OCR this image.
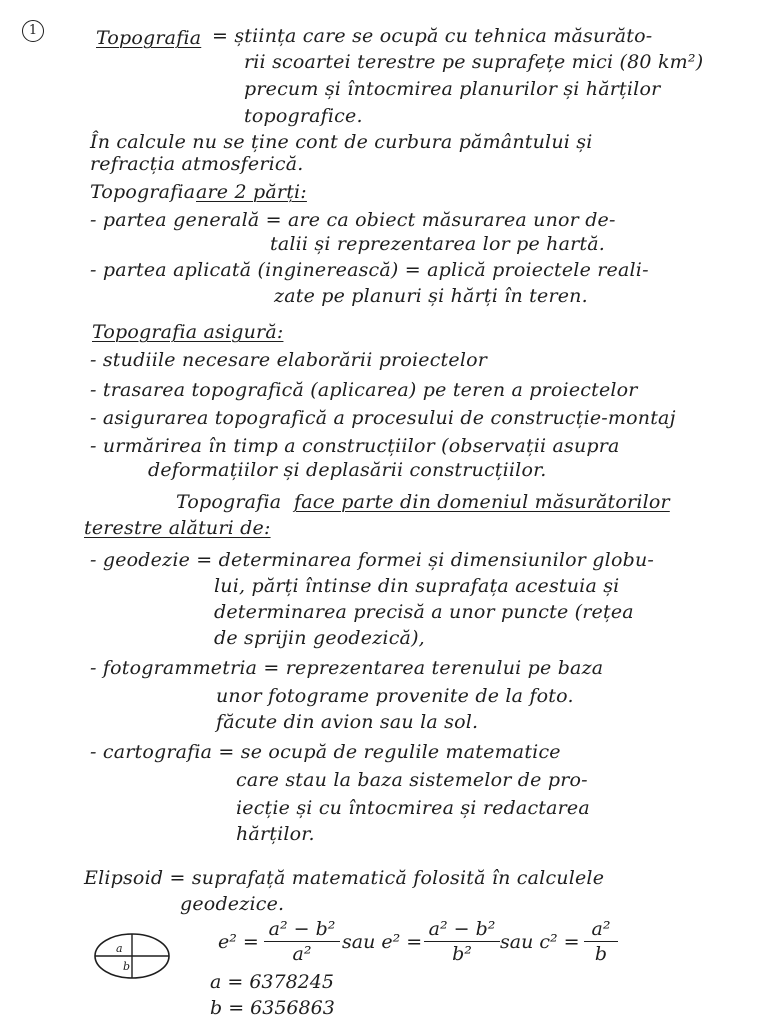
1	Topografia = știința care se ocupă cu tehnica măsurăto-
rii scoartei terestre pe suprafețe mici (80 km²)
precum și întocmirea planurilor și hărților
topografice.
În calcule nu se ține cont de curbura pământului și
refracția atmosferică.
Topografia are 2 părți:
- partea generală = are ca obiect măsurarea unor de-
talii și reprezentarea lor pe hartă.
- partea aplicată (inginerească) = aplică proiectele reali-
zate pe planuri și hărți în teren.
Topografia asigură:
- studiile necesare elaborării proiectelor
- trasarea topografică (aplicarea) pe teren a proiectelor
- asigurarea topografică a procesului de construcție-montaj
- urmărirea în timp a construcțiilor (observații asupra
deformațiilor și deplasării construcțiilor.
Topografia face parte din domeniul măsurătorilor
terestre alături de:
- geodezie = determinarea formei și dimensiunilor globu-
lui, părți întinse din suprafața acestuia și
determinarea precisă a unor puncte (rețea
de sprijin geodezică),
- fotogrammetria = reprezentarea terenului pe baza
unor fotograme provenite de la foto.
făcute din avion sau la sol.
- cartografia = se ocupă de regulile matematice
care stau la baza sistemelor de pro-
iecție și cu întocmirea și redactarea
hărților.
Elipsoid = suprafață matematică folosită în calculele
geodezice.
a
b
e² =
a² − b²
a²
sau e² =
a² − b²
b²
sau c² =
a²
b
a = 6378245
b = 6356863
